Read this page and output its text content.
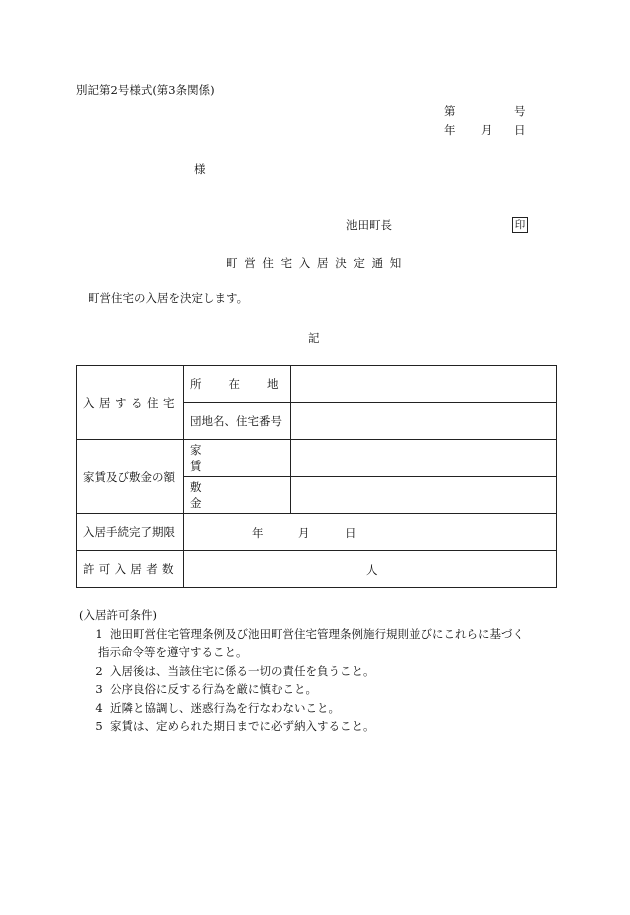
別記第2号様式(第3条関係)
第	号
年 月 日
様
池田町長	印
町営住宅入居決定通知
町営住宅の入居を決定します。
記
入居する住宅	所在地	

	団地名、住宅番号	
家賃及び敷金の額	家賃	
	敷金	
入居手続完了期限	年 月 日	

許可入居者数	人	
(入居許可条件)
1 池田町営住宅管理条例及び池田町営住宅管理条例施行規則並びにこれらに基づく
指示命令等を遵守すること。
2 入居後は、当該住宅に係る一切の責任を負うこと。
3 公序良俗に反する行為を厳に慎むこと。
4 近隣と協調し、迷惑行為を行なわないこと。
5 家賃は、定められた期日までに必ず納入すること。
